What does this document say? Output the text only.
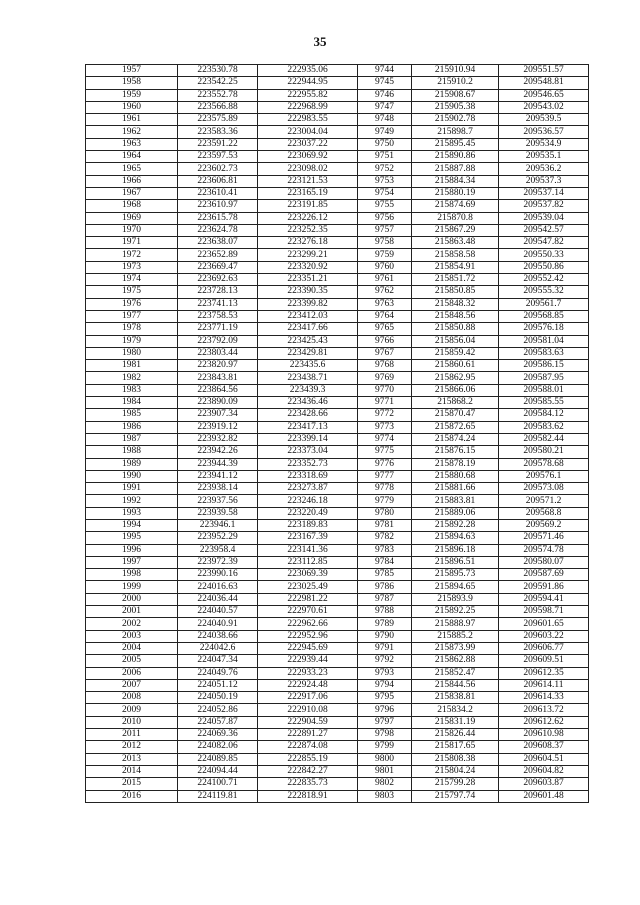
35
1957	223530.78	222935.06	9744	215910.94	209551.57
1958	223542.25	222944.95	9745	215910.2	209548.81
1959	223552.78	222955.82	9746	215908.67	209546.65
1960	223566.88	222968.99	9747	215905.38	209543.02
1961	223575.89	222983.55	9748	215902.78	209539.5
1962	223583.36	223004.04	9749	215898.7	209536.57
1963	223591.22	223037.22	9750	215895.45	209534.9
1964	223597.53	223069.92	9751	215890.86	209535.1
1965	223602.73	223098.02	9752	215887.88	209536.2
1966	223606.81	223121.53	9753	215884.34	209537.3
1967	223610.41	223165.19	9754	215880.19	209537.14
1968	223610.97	223191.85	9755	215874.69	209537.82
1969	223615.78	223226.12	9756	215870.8	209539.04
1970	223624.78	223252.35	9757	215867.29	209542.57
1971	223638.07	223276.18	9758	215863.48	209547.82
1972	223652.89	223299.21	9759	215858.58	209550.33
1973	223669.47	223320.92	9760	215854.91	209550.86
1974	223692.63	223351.21	9761	215851.72	209552.42
1975	223728.13	223390.35	9762	215850.85	209555.32
1976	223741.13	223399.82	9763	215848.32	209561.7
1977	223758.53	223412.03	9764	215848.56	209568.85
1978	223771.19	223417.66	9765	215850.88	209576.18
1979	223792.09	223425.43	9766	215856.04	209581.04
1980	223803.44	223429.81	9767	215859.42	209583.63
1981	223820.97	223435.6	9768	215860.61	209586.15
1982	223843.81	223438.71	9769	215862.95	209587.95
1983	223864.56	223439.3	9770	215866.06	209588.01
1984	223890.09	223436.46	9771	215868.2	209585.55
1985	223907.34	223428.66	9772	215870.47	209584.12
1986	223919.12	223417.13	9773	215872.65	209583.62
1987	223932.82	223399.14	9774	215874.24	209582.44
1988	223942.26	223373.04	9775	215876.15	209580.21
1989	223944.39	223352.73	9776	215878.19	209578.68
1990	223941.12	223318.69	9777	215880.68	209576.1
1991	223938.14	223273.87	9778	215881.66	209573.08
1992	223937.56	223246.18	9779	215883.81	209571.2
1993	223939.58	223220.49	9780	215889.06	209568.8
1994	223946.1	223189.83	9781	215892.28	209569.2
1995	223952.29	223167.39	9782	215894.63	209571.46
1996	223958.4	223141.36	9783	215896.18	209574.78
1997	223972.39	223112.85	9784	215896.51	209580.07
1998	223990.16	223069.39	9785	215895.73	209587.69
1999	224016.63	223025.49	9786	215894.65	209591.86
2000	224036.44	222981.22	9787	215893.9	209594.41
2001	224040.57	222970.61	9788	215892.25	209598.71
2002	224040.91	222962.66	9789	215888.97	209601.65
2003	224038.66	222952.96	9790	215885.2	209603.22
2004	224042.6	222945.69	9791	215873.99	209606.77
2005	224047.34	222939.44	9792	215862.88	209609.51
2006	224049.76	222933.23	9793	215852.47	209612.35
2007	224051.12	222924.48	9794	215844.56	209614.11
2008	224050.19	222917.06	9795	215838.81	209614.33
2009	224052.86	222910.08	9796	215834.2	209613.72
2010	224057.87	222904.59	9797	215831.19	209612.62
2011	224069.36	222891.27	9798	215826.44	209610.98
2012	224082.06	222874.08	9799	215817.65	209608.37
2013	224089.85	222855.19	9800	215808.38	209604.51
2014	224094.44	222842.27	9801	215804.24	209604.82
2015	224100.71	222835.73	9802	215799.28	209603.87
2016	224119.81	222818.91	9803	215797.74	209601.48
